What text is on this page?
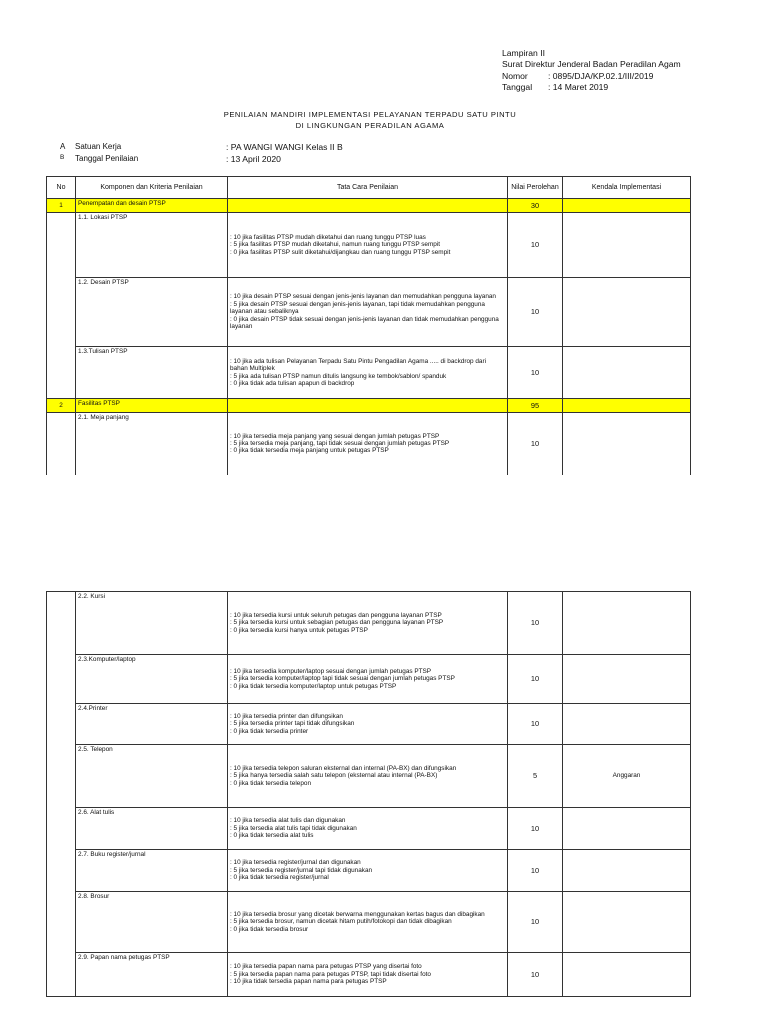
Lampiran II
Surat Direktur Jenderal Badan Peradilan Agam
Nomor	: 0895/DJA/KP.02.1/III/2019
Tanggal	: 14 Maret 2019
PENILAIAN MANDIRI IMPLEMENTASI PELAYANAN TERPADU SATU PINTU
DI LINGKUNGAN PERADILAN AGAMA
A Satuan Kerja	: PA WANGI WANGI Kelas II B
B Tanggal Penilaian	: 13 April 2020
No	Komponen dan Kriteria Penilaian	Tata Cara Penilaian	Nilai Perolehan	Kendala Implementasi
1	Penempatan dan desain PTSP		30	
	1.1. Lokasi PTSP	: 10 jika fasilitas PTSP mudah diketahui dan ruang tunggu PTSP luas
: 5 jika fasilitas PTSP mudah diketahui, namun ruang tunggu PTSP sempit
: 0 jika fasilitas PTSP sulit diketahui/dijangkau dan ruang tunggu PTSP sempit	10	
	1.2. Desain PTSP	: 10 jika desain PTSP sesuai dengan jenis-jenis layanan dan memudahkan pengguna layanan
: 5 jika desain PTSP sesuai dengan jenis-jenis layanan, tapi tidak memudahkan pengguna layanan atau sebaliknya
: 0 jika desain PTSP tidak sesuai dengan jenis-jenis layanan dan tidak memudahkan pengguna layanan	10	
	1.3.Tulisan PTSP	: 10 jika ada tulisan Pelayanan Terpadu Satu Pintu Pengadilan Agama ..... di backdrop dari bahan Multiplek
: 5 jika ada tulisan PTSP namun ditulis langsung ke tembok/sablon/ spanduk
: 0 jika tidak ada tulisan apapun di backdrop	10	
2	Fasilitas PTSP		95	
	2.1. Meja panjang	: 10 jika tersedia meja panjang yang sesuai dengan jumlah petugas PTSP
: 5 jika tersedia meja panjang, tapi tidak sesuai dengan jumlah petugas PTSP
: 0 jika tidak tersedia meja panjang untuk petugas PTSP	10	
	2.2. Kursi	: 10 jika tersedia kursi untuk seluruh petugas dan pengguna layanan PTSP
: 5 jika tersedia kursi untuk sebagian petugas dan pengguna layanan PTSP
: 0 jika tersedia kursi hanya untuk petugas PTSP	10	
	2.3.Komputer/laptop	: 10 jika tersedia komputer/laptop sesuai dengan jumlah petugas PTSP
: 5 jika tersedia komputer/laptop tapi tidak sesuai dengan jumlah petugas PTSP
: 0 jika tidak tersedia komputer/laptop untuk petugas PTSP	10	
	2.4.Printer	: 10 jika tersedia printer dan difungsikan
: 5 jika tersedia printer tapi tidak difungsikan
: 0 jika tidak tersedia printer	10	
	2.5. Telepon	: 10 jika tersedia telepon saluran eksternal dan internal (PA-BX) dan difungsikan
: 5 jika hanya tersedia salah satu telepon (eksternal atau internal (PA-BX)
: 0 jika tidak tersedia telepon	5	Anggaran
	2.6. Alat tulis	: 10 jika tersedia alat tulis dan digunakan
: 5 jika tersedia alat tulis tapi tidak digunakan
: 0 jika tidak tersedia alat tulis	10	
	2.7. Buku register/jurnal	: 10 jika tersedia register/jurnal dan digunakan
: 5 jika tersedia register/jurnal tapi tidak digunakan
: 0 jika tidak tersedia register/jurnal	10	
	2.8. Brosur	: 10 jika tersedia brosur yang dicetak berwarna menggunakan kertas bagus dan dibagikan
: 5 jika tersedia brosur, namun dicetak hitam putih/fotokopi dan tidak dibagikan
: 0 jika tidak tersedia brosur	10	
	2.9. Papan nama petugas PTSP	: 10 jika tersedia papan nama para petugas PTSP yang disertai foto
: 5 jika tersedia papan nama para petugas PTSP, tapi tidak disertai foto
: 10 jika tidak tersedia papan nama para petugas PTSP	10	
